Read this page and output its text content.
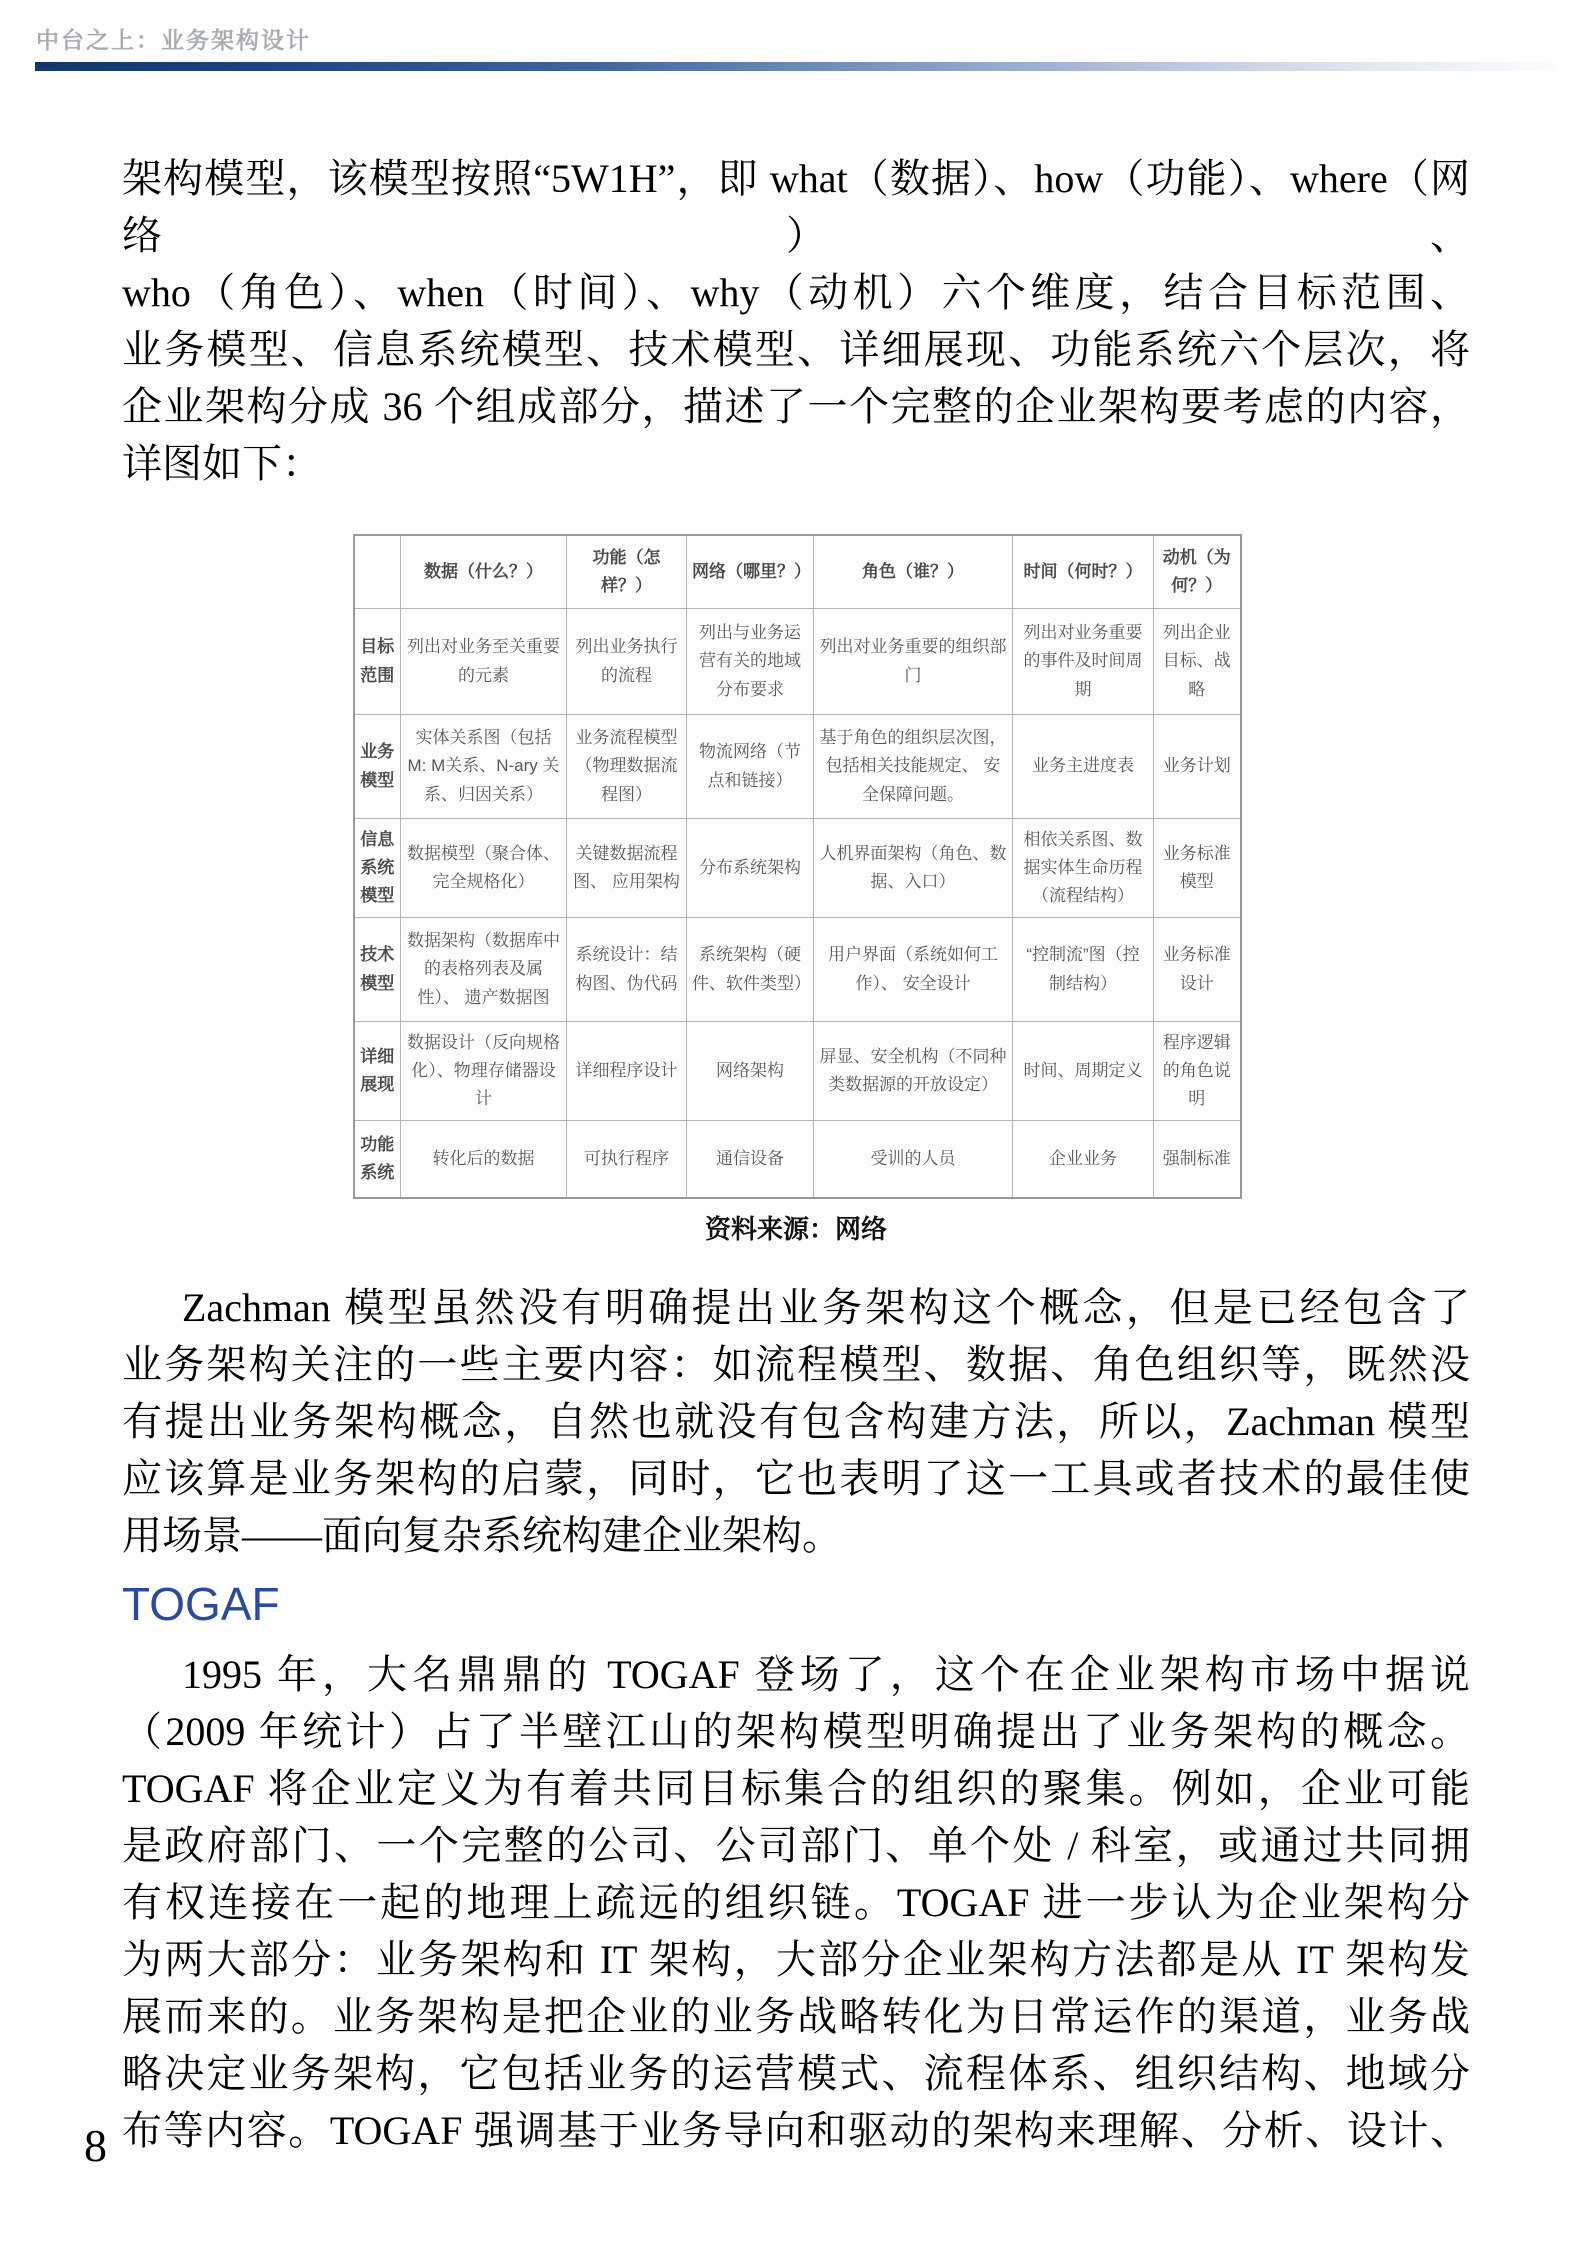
中台之上：业务架构设计
架构模型，该模型按照“5W1H”，即 what（数据）、how（功能）、where（网络）、
who（角色）、when（时间）、why（动机）六个维度，结合目标范围、
业务模型、信息系统模型、技术模型、详细展现、功能系统六个层次，将
企业架构分成 36 个组成部分，描述了一个完整的企业架构要考虑的内容，
详图如下：
	数据（什么？）	功能（怎样？）	网络（哪里？）	角色（谁？）	时间（何时？）	动机（为何？）
目标范围	列出对业务至关重要的元素	列出业务执行的流程	列出与业务运营有关的地域分布要求	列出对业务重要的组织部门	列出对业务重要的事件及时间周期	列出企业目标、战略
业务模型	实体关系图（包括 M: M关系、N-ary 关系、归因关系）	业务流程模型（物理数据流程图）	物流网络（节点和链接）	基于角色的组织层次图， 包括相关技能规定、 安全保障问题。	业务主进度表	业务计划
信息系统模型	数据模型（聚合体、完全规格化）	关键数据流程图、 应用架构	分布系统架构	人机界面架构（角色、数据、入口）	相依关系图、数据实体生命历程（流程结构）	业务标准模型
技术模型	数据架构（数据库中的表格列表及属性）、 遗产数据图	系统设计：结构图、伪代码	系统架构（硬件、软件类型）	用户界面（系统如何工作）、 安全设计	“控制流”图（控制结构）	业务标准设计
详细展现	数据设计（反向规格化）、物理存储器设计	详细程序设计	网络架构	屏显、安全机构（不同种类数据源的开放设定）	时间、周期定义	程序逻辑的角色说明
功能系统	转化后的数据	可执行程序	通信设备	受训的人员	企业业务	强制标准
资料来源：网络
Zachman 模型虽然没有明确提出业务架构这个概念，但是已经包含了
业务架构关注的一些主要内容：如流程模型、数据、角色组织等，既然没
有提出业务架构概念，自然也就没有包含构建方法，所以，Zachman 模型
应该算是业务架构的启蒙，同时，它也表明了这一工具或者技术的最佳使
用场景——面向复杂系统构建企业架构。
TOGAF
1995 年，大名鼎鼎的 TOGAF 登场了，这个在企业架构市场中据说
（2009 年统计）占了半壁江山的架构模型明确提出了业务架构的概念。
TOGAF 将企业定义为有着共同目标集合的组织的聚集。例如，企业可能
是政府部门、一个完整的公司、公司部门、单个处 / 科室，或通过共同拥
有权连接在一起的地理上疏远的组织链。TOGAF 进一步认为企业架构分
为两大部分：业务架构和 IT 架构，大部分企业架构方法都是从 IT 架构发
展而来的。业务架构是把企业的业务战略转化为日常运作的渠道，业务战
略决定业务架构，它包括业务的运营模式、流程体系、组织结构、地域分
布等内容。TOGAF 强调基于业务导向和驱动的架构来理解、分析、设计、
8
